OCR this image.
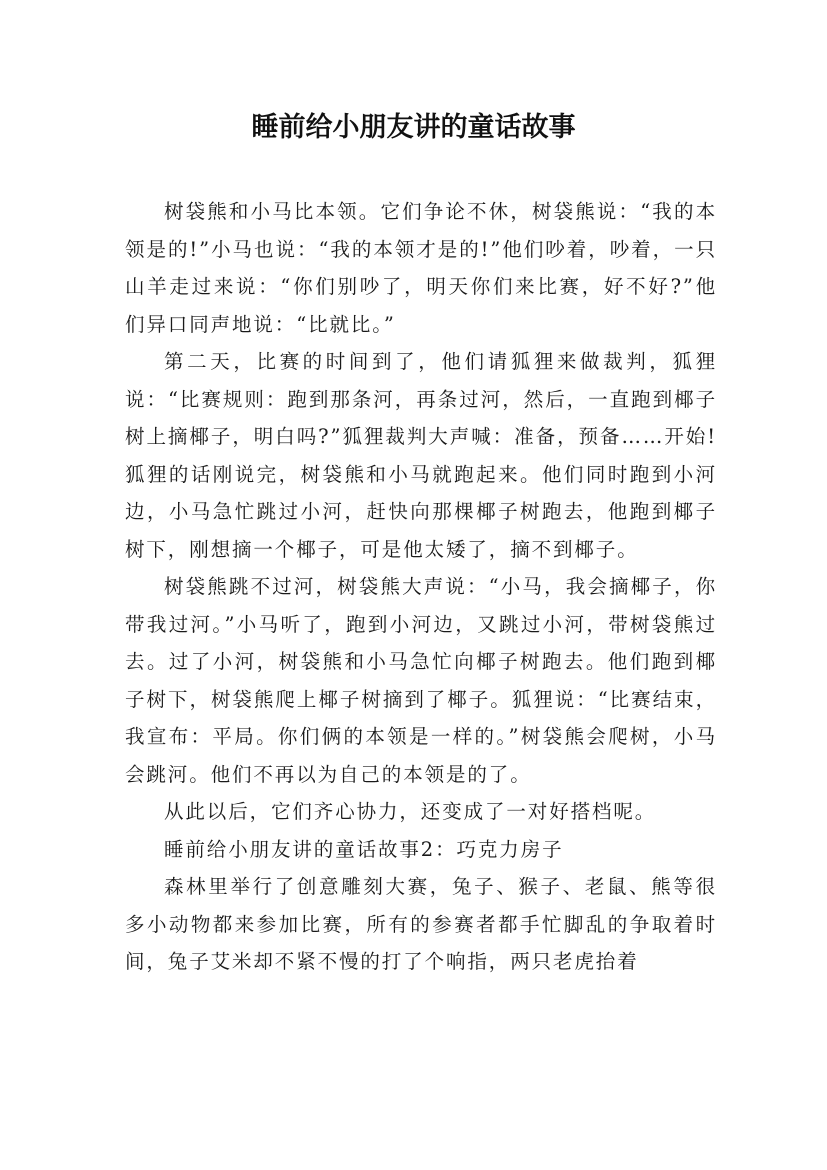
睡前给小朋友讲的童话故事

树袋熊和小马比本领。它们争论不休，树袋熊说：“我的本领是的!”小马也说：“我的本领才是的!”他们吵着，吵着，一只山羊走过来说：“你们别吵了，明天你们来比赛，好不好?”他们异口同声地说：“比就比。”

第二天，比赛的时间到了，他们请狐狸来做裁判，狐狸说：“比赛规则：跑到那条河，再条过河，然后，一直跑到椰子树上摘椰子，明白吗?”狐狸裁判大声喊：准备，预备……开始!狐狸的话刚说完，树袋熊和小马就跑起来。他们同时跑到小河边，小马急忙跳过小河，赶快向那棵椰子树跑去，他跑到椰子树下，刚想摘一个椰子，可是他太矮了，摘不到椰子。

树袋熊跳不过河，树袋熊大声说：“小马，我会摘椰子，你带我过河。”小马听了，跑到小河边，又跳过小河，带树袋熊过去。过了小河，树袋熊和小马急忙向椰子树跑去。他们跑到椰子树下，树袋熊爬上椰子树摘到了椰子。狐狸说：“比赛结束，我宣布：平局。你们俩的本领是一样的。”树袋熊会爬树，小马会跳河。他们不再以为自己的本领是的了。

从此以后，它们齐心协力，还变成了一对好搭档呢。

睡前给小朋友讲的童话故事2：巧克力房子

森林里举行了创意雕刻大赛，兔子、猴子、老鼠、熊等很多小动物都来参加比赛，所有的参赛者都手忙脚乱的争取着时间，兔子艾米却不紧不慢的打了个响指，两只老虎抬着
